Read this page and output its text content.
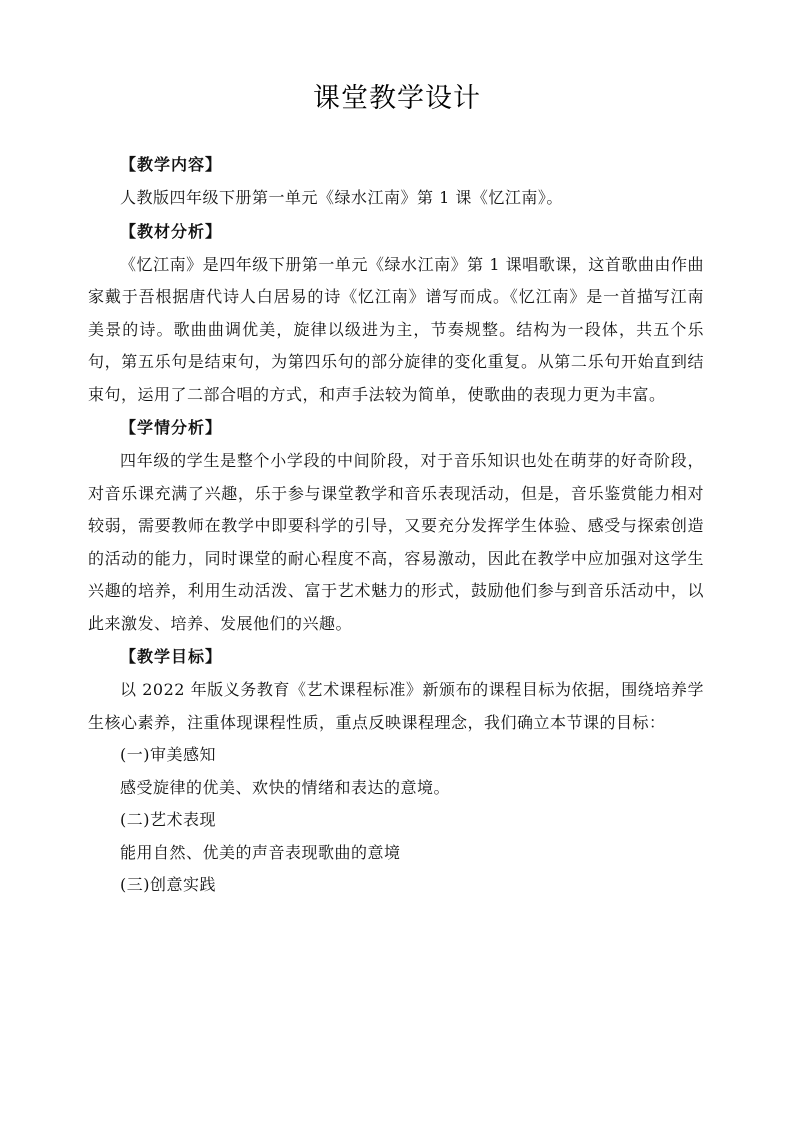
课堂教学设计

【教学内容】

人教版四年级下册第一单元《绿水江南》第 1 课《忆江南》。

【教材分析】

《忆江南》是四年级下册第一单元《绿水江南》第 1 课唱歌课，这首歌曲由作曲家戴于吾根据唐代诗人白居易的诗《忆江南》谱写而成。《忆江南》是一首描写江南美景的诗。歌曲曲调优美，旋律以级进为主，节奏规整。结构为一段体，共五个乐句，第五乐句是结束句，为第四乐句的部分旋律的变化重复。从第二乐句开始直到结束句，运用了二部合唱的方式，和声手法较为简单，使歌曲的表现力更为丰富。

【学情分析】

四年级的学生是整个小学段的中间阶段，对于音乐知识也处在萌芽的好奇阶段，对音乐课充满了兴趣，乐于参与课堂教学和音乐表现活动，但是，音乐鉴赏能力相对较弱，需要教师在教学中即要科学的引导，又要充分发挥学生体验、感受与探索创造的活动的能力，同时课堂的耐心程度不高，容易激动，因此在教学中应加强对这学生兴趣的培养，利用生动活泼、富于艺术魅力的形式，鼓励他们参与到音乐活动中，以此来激发、培养、发展他们的兴趣。

【教学目标】

以 2022 年版义务教育《艺术课程标准》新颁布的课程目标为依据，围绕培养学生核心素养，注重体现课程性质，重点反映课程理念，我们确立本节课的目标：

(一)审美感知

感受旋律的优美、欢快的情绪和表达的意境。

(二)艺术表现

能用自然、优美的声音表现歌曲的意境

(三)创意实践
